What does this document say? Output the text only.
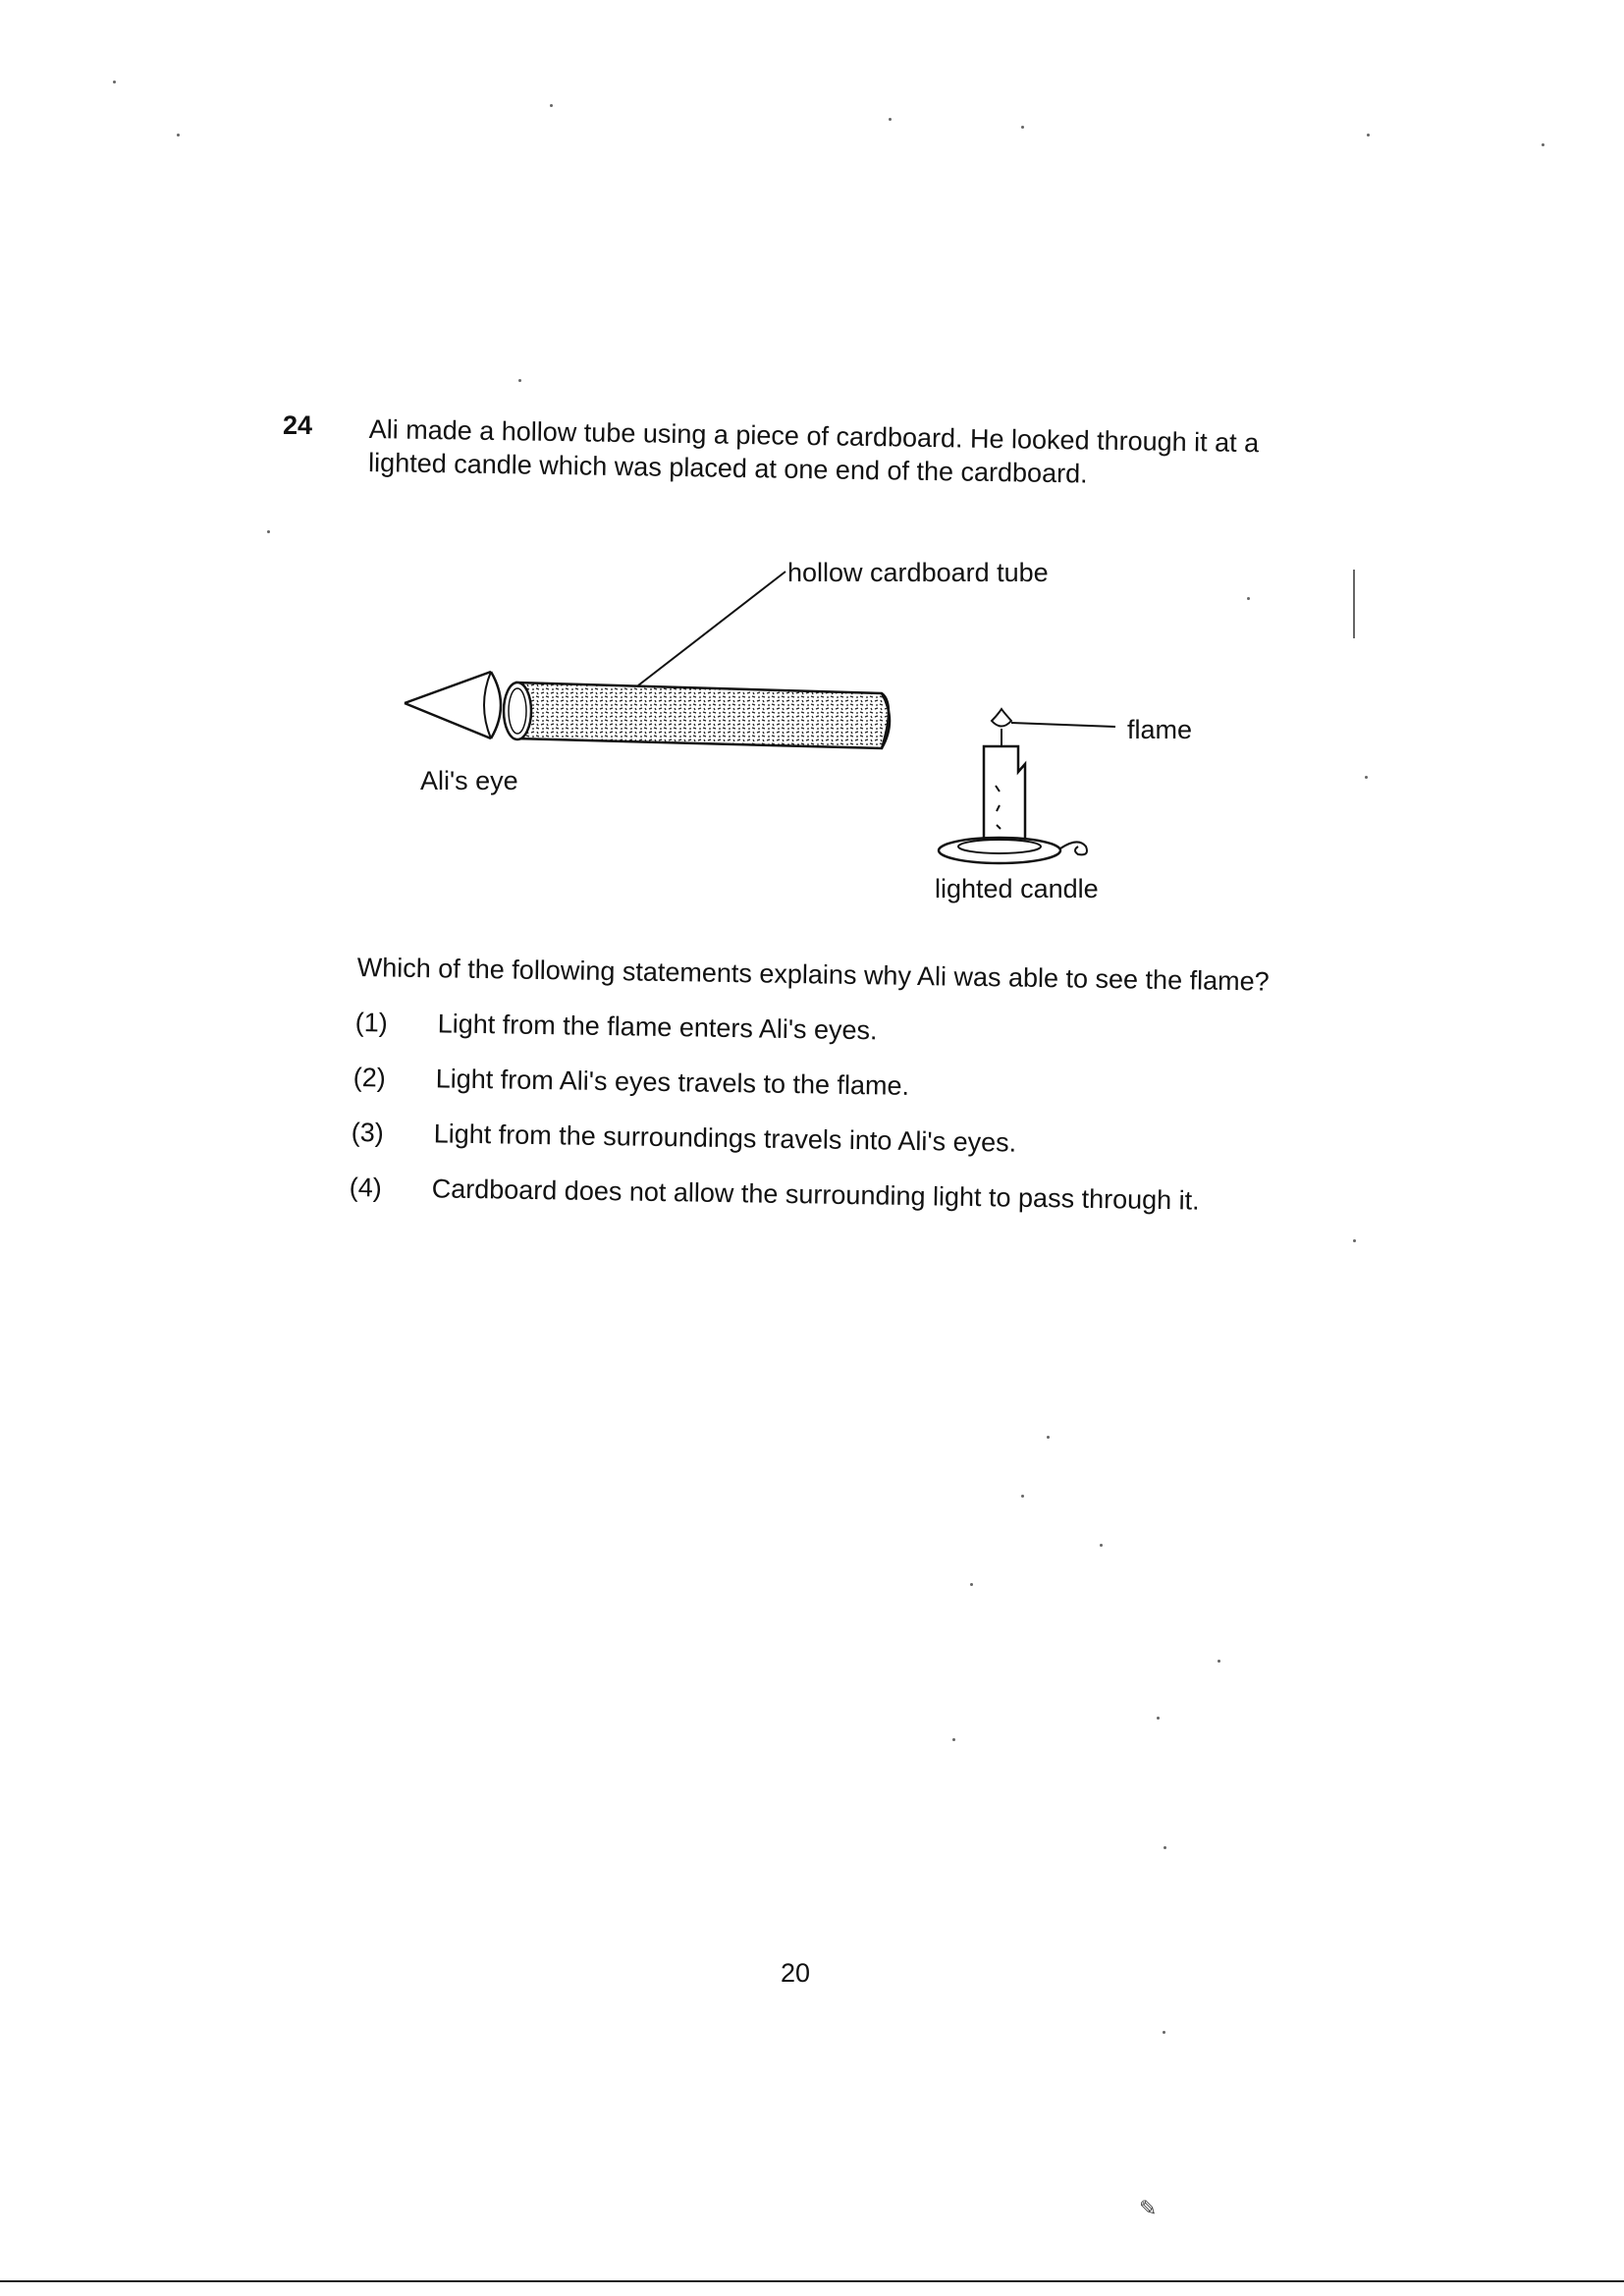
24 Ali made a hollow tube using a piece of cardboard. He looked through it at a
lighted candle which was placed at one end of the cardboard.
hollow cardboard tube
flame
Ali's eye
lighted candle
Which of the following statements explains why Ali was able to see the flame?
(1) Light from the flame enters Ali's eyes.
(2) Light from Ali's eyes travels to the flame.
(3) Light from the surroundings travels into Ali's eyes.
(4) Cardboard does not allow the surrounding light to pass through it.
20
✎
